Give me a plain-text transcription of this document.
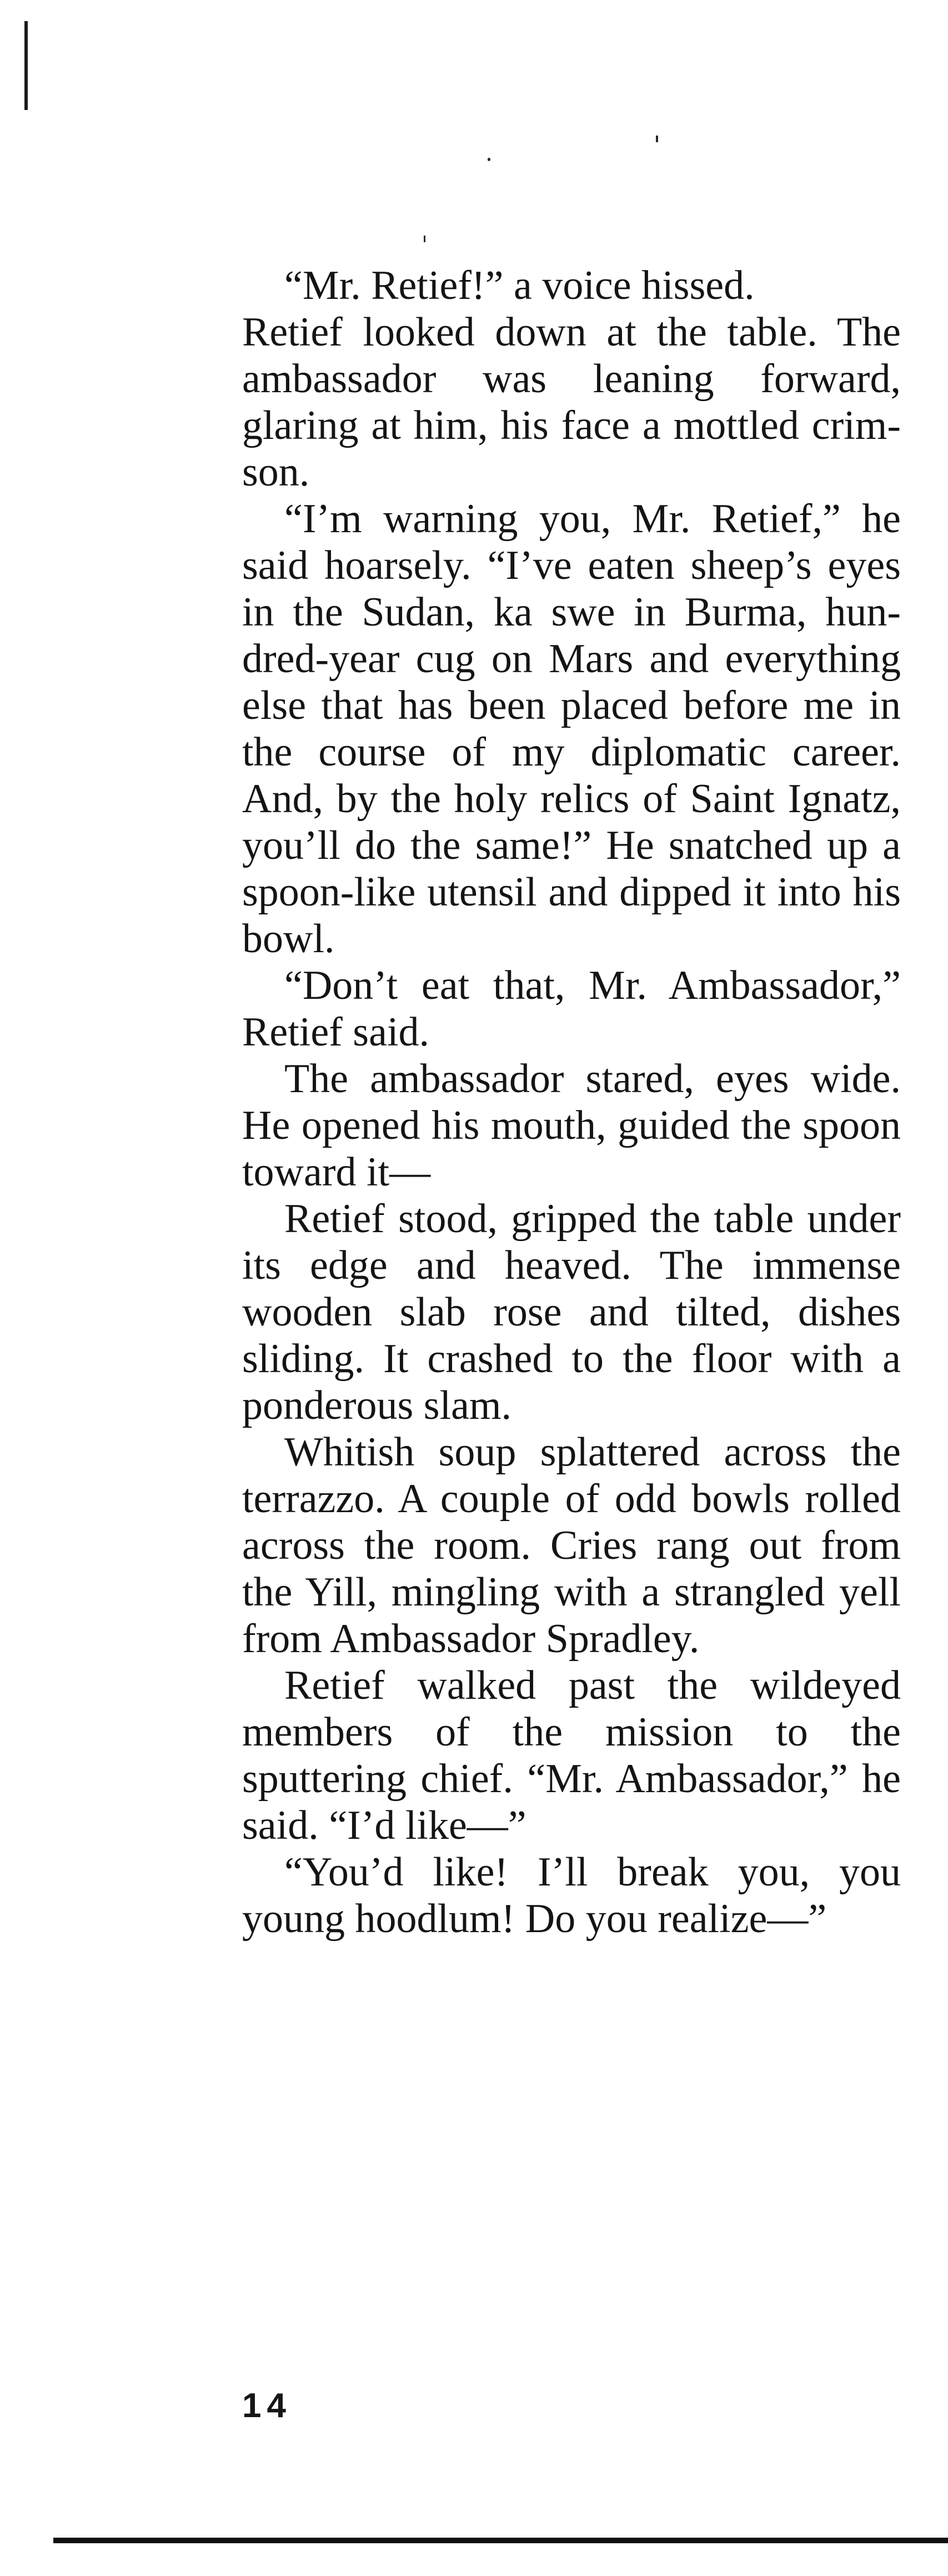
“Mr. Retief!” a voice hissed.

Retief looked down at the table. The ambassador was leaning forward, glaring at him, his face a mottled crimson.

“I’m warning you, Mr. Retief,” he said hoarsely. “I’ve eaten sheep’s eyes in the Sudan, ka swe in Burma, hundred-year cug on Mars and everything else that has been placed before me in the course of my diplomatic career. And, by the holy relics of Saint Ignatz, you’ll do the same!” He snatched up a spoon-like utensil and dipped it into his bowl.

“Don’t eat that, Mr. Ambassador,” Retief said.

The ambassador stared, eyes wide. He opened his mouth, guided the spoon toward it—

Retief stood, gripped the table under its edge and heaved. The immense wooden slab rose and tilted, dishes sliding. It crashed to the floor with a ponderous slam.

Whitish soup splattered across the terrazzo. A couple of odd bowls rolled across the room. Cries rang out from the Yill, mingling with a strangled yell from Ambassador Spradley.

Retief walked past the wildeyed members of the mission to the sputtering chief. “Mr. Ambassador,” he said. “I’d like—”

“You’d like! I’ll break you, you young hoodlum! Do you realize—”

14
